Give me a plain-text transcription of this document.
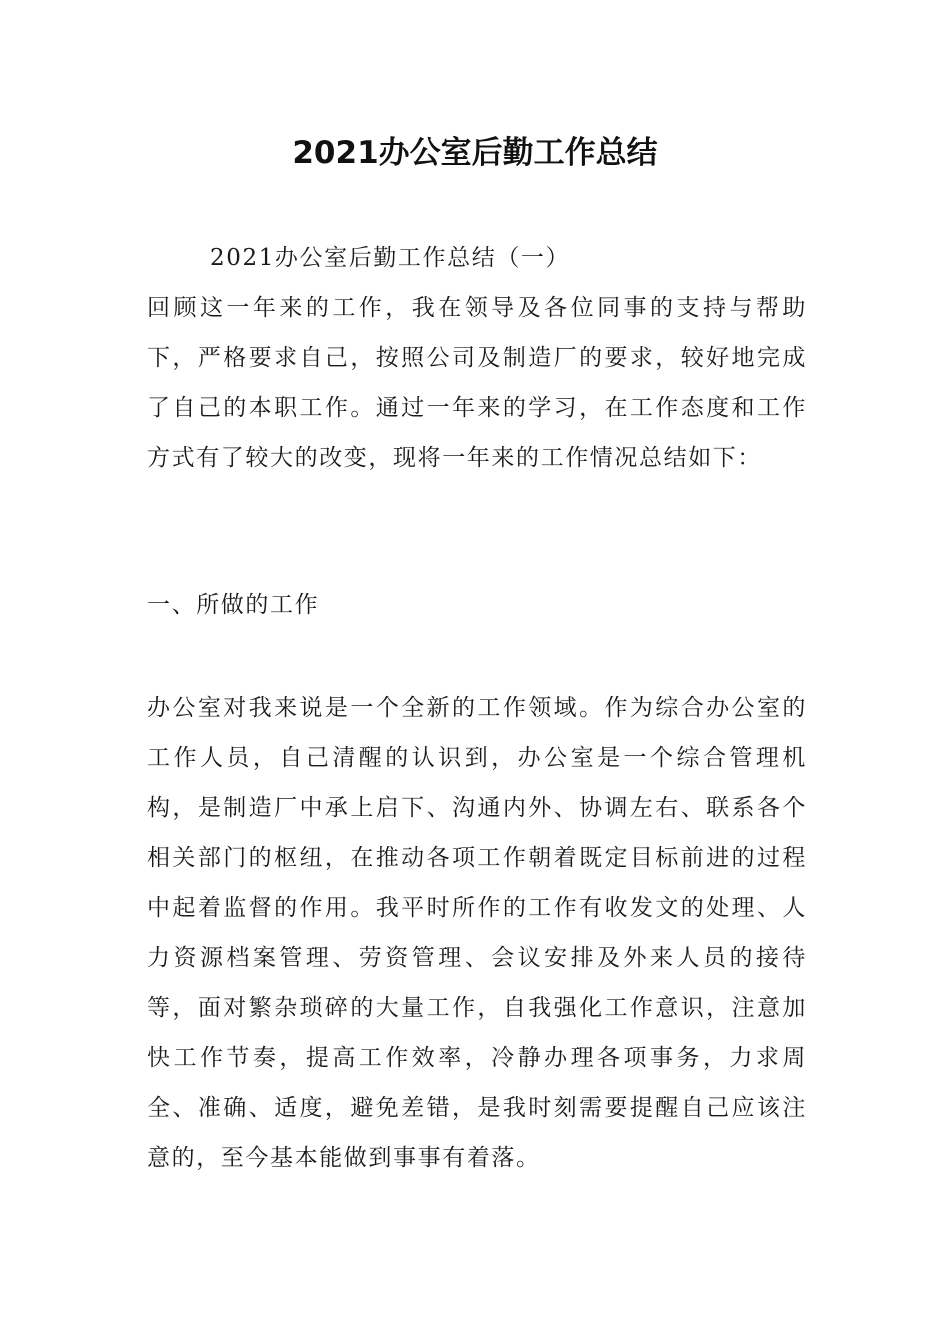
2021办公室后勤工作总结
2021办公室后勤工作总结（一）

回顾这一年来的工作，我在领导及各位同事的支持与帮助下，严格要求自己，按照公司及制造厂的要求，较好地完成了自己的本职工作。通过一年来的学习，在工作态度和工作方式有了较大的改变，现将一年来的工作情况总结如下：

一、所做的工作

办公室对我来说是一个全新的工作领域。作为综合办公室的工作人员，自己清醒的认识到，办公室是一个综合管理机构，是制造厂中承上启下、沟通内外、协调左右、联系各个相关部门的枢纽，在推动各项工作朝着既定目标前进的过程中起着监督的作用。我平时所作的工作有收发文的处理、人力资源档案管理、劳资管理、会议安排及外来人员的接待等，面对繁杂琐碎的大量工作，自我强化工作意识，注意加快工作节奏，提高工作效率，冷静办理各项事务，力求周全、准确、适度，避免差错，是我时刻需要提醒自己应该注意的，至今基本能做到事事有着落。
